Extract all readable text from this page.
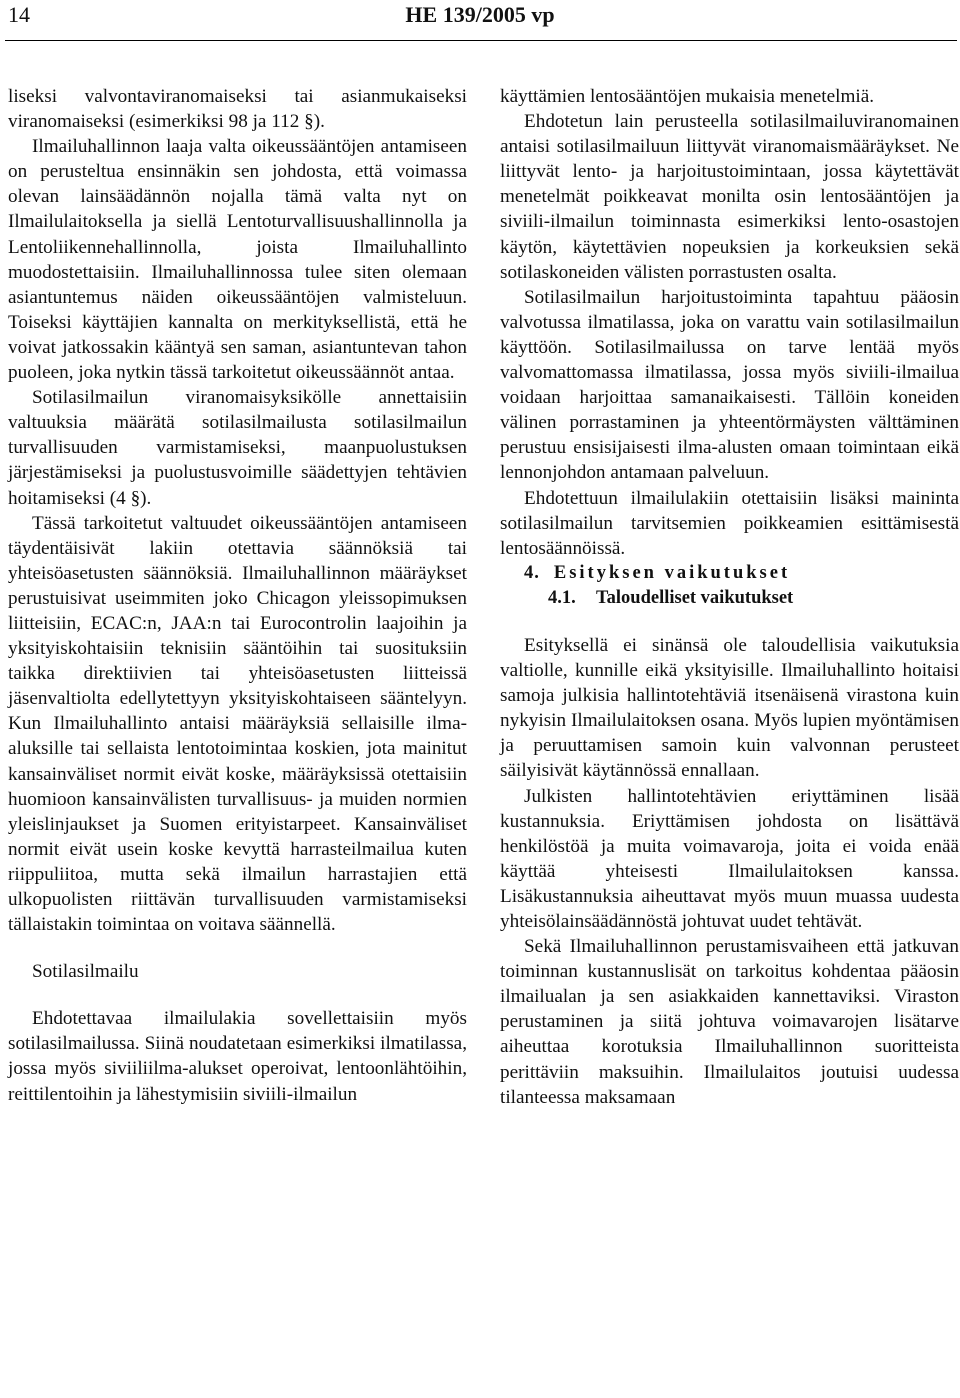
14	HE 139/2005 vp

liseksi valvontaviranomaiseksi tai asianmukaiseksi viranomaiseksi (esimerkiksi 98 ja 112 §).

Ilmailuhallinnon laaja valta oikeussääntöjen antamiseen on perusteltua ensinnäkin sen johdosta, että voimassa olevan lainsäädännön nojalla tämä valta nyt on Ilmailulaitoksella ja siellä Lentoturvallisuushallinnolla ja Lentoliikennehallinnolla, joista Ilmailuhallinto muodostettaisiin. Ilmailuhallinnossa tulee siten olemaan asiantuntemus näiden oikeussääntöjen valmisteluun. Toiseksi käyttäjien kannalta on merkityksellistä, että he voivat jatkossakin kääntyä sen saman, asiantuntevan tahon puoleen, joka nytkin tässä tarkoitetut oikeussäännöt antaa.

Sotilasilmailun viranomaisyksikölle annettaisiin valtuuksia määrätä sotilasilmailusta sotilasilmailun turvallisuuden varmistamiseksi, maanpuolustuksen järjestämiseksi ja puolustusvoimille säädettyjen tehtävien hoitamiseksi (4 §).

Tässä tarkoitetut valtuudet oikeussääntöjen antamiseen täydentäisivät lakiin otettavia säännöksiä tai yhteisöasetusten säännöksiä. Ilmailuhallinnon määräykset perustuisivat useimmiten joko Chicagon yleissopimuksen liitteisiin, ECAC:n, JAA:n tai Eurocontrolin laajoihin ja yksityiskohtaisiin teknisiin sääntöihin tai suosituksiin taikka direktiivien tai yhteisöasetusten liitteissä jäsenvaltiolta edellytettyyn yksityiskohtaiseen sääntelyyn. Kun Ilmailuhallinto antaisi määräyksiä sellaisille ilma-aluksille tai sellaista lentotoimintaa koskien, jota mainitut kansainväliset normit eivät koske, määräyksissä otettaisiin huomioon kansainvälisten turvallisuus- ja muiden normien yleislinjaukset ja Suomen erityistarpeet. Kansainväliset normit eivät usein koske kevyttä harrasteilmailua kuten riippuliitoa, mutta sekä ilmailun harrastajien että ulkopuolisten riittävän turvallisuuden varmistamiseksi tällaistakin toimintaa on voitava säännellä.

Sotilasilmailu

Ehdotettavaa ilmailulakia sovellettaisiin myös sotilasilmailussa. Siinä noudatetaan esimerkiksi ilmatilassa, jossa myös siviiliilma-alukset operoivat, lentoonlähtöihin, reittilentoihin ja lähestymisiin siviili-ilmailun

käyttämien lentosääntöjen mukaisia menetelmiä.

Ehdotetun lain perusteella sotilasilmailuviranomainen antaisi sotilasilmailuun liittyvät viranomaismääräykset. Ne liittyvät lento- ja harjoitustoimintaan, jossa käytettävät menetelmät poikkeavat monilta osin lentosääntöjen ja siviili-ilmailun toiminnasta esimerkiksi lento-osastojen käytön, käytettävien nopeuksien ja korkeuksien sekä sotilaskoneiden välisten porrastusten osalta.

Sotilasilmailun harjoitustoiminta tapahtuu pääosin valvotussa ilmatilassa, joka on varattu vain sotilasilmailun käyttöön. Sotilasilmailussa on tarve lentää myös valvomattomassa ilmatilassa, jossa myös siviili-ilmailua voidaan harjoittaa samanaikaisesti. Tällöin koneiden välinen porrastaminen ja yhteentörmäysten välttäminen perustuu ensisijaisesti ilma-alusten omaan toimintaan eikä lennonjohdon antamaan palveluun.

Ehdotettuun ilmailulakiin otettaisiin lisäksi maininta sotilasilmailun tarvitsemien poikkeamien esittämisestä lentosäännöissä.

4. Esityksen vaikutukset

4.1. Taloudelliset vaikutukset

Esityksellä ei sinänsä ole taloudellisia vaikutuksia valtiolle, kunnille eikä yksityisille. Ilmailuhallinto hoitaisi samoja julkisia hallintotehtäviä itsenäisenä virastona kuin nykyisin Ilmailulaitoksen osana. Myös lupien myöntämisen ja peruuttamisen samoin kuin valvonnan perusteet säilyisivät käytännössä ennallaan.

Julkisten hallintotehtävien eriyttäminen lisää kustannuksia. Eriyttämisen johdosta on lisättävä henkilöstöä ja muita voimavaroja, joita ei voida enää käyttää yhteisesti Ilmailulaitoksen kanssa. Lisäkustannuksia aiheuttavat myös muun muassa uudesta yhteisölainsäädännöstä johtuvat uudet tehtävät.

Sekä Ilmailuhallinnon perustamisvaiheen että jatkuvan toiminnan kustannuslisät on tarkoitus kohdentaa pääosin ilmailualan ja sen asiakkaiden kannettaviksi. Viraston perustaminen ja siitä johtuva voimavarojen lisätarve aiheuttaa korotuksia Ilmailuhallinnon suoritteista perittäviin maksuihin. Ilmailulaitos joutuisi uudessa tilanteessa maksamaan
